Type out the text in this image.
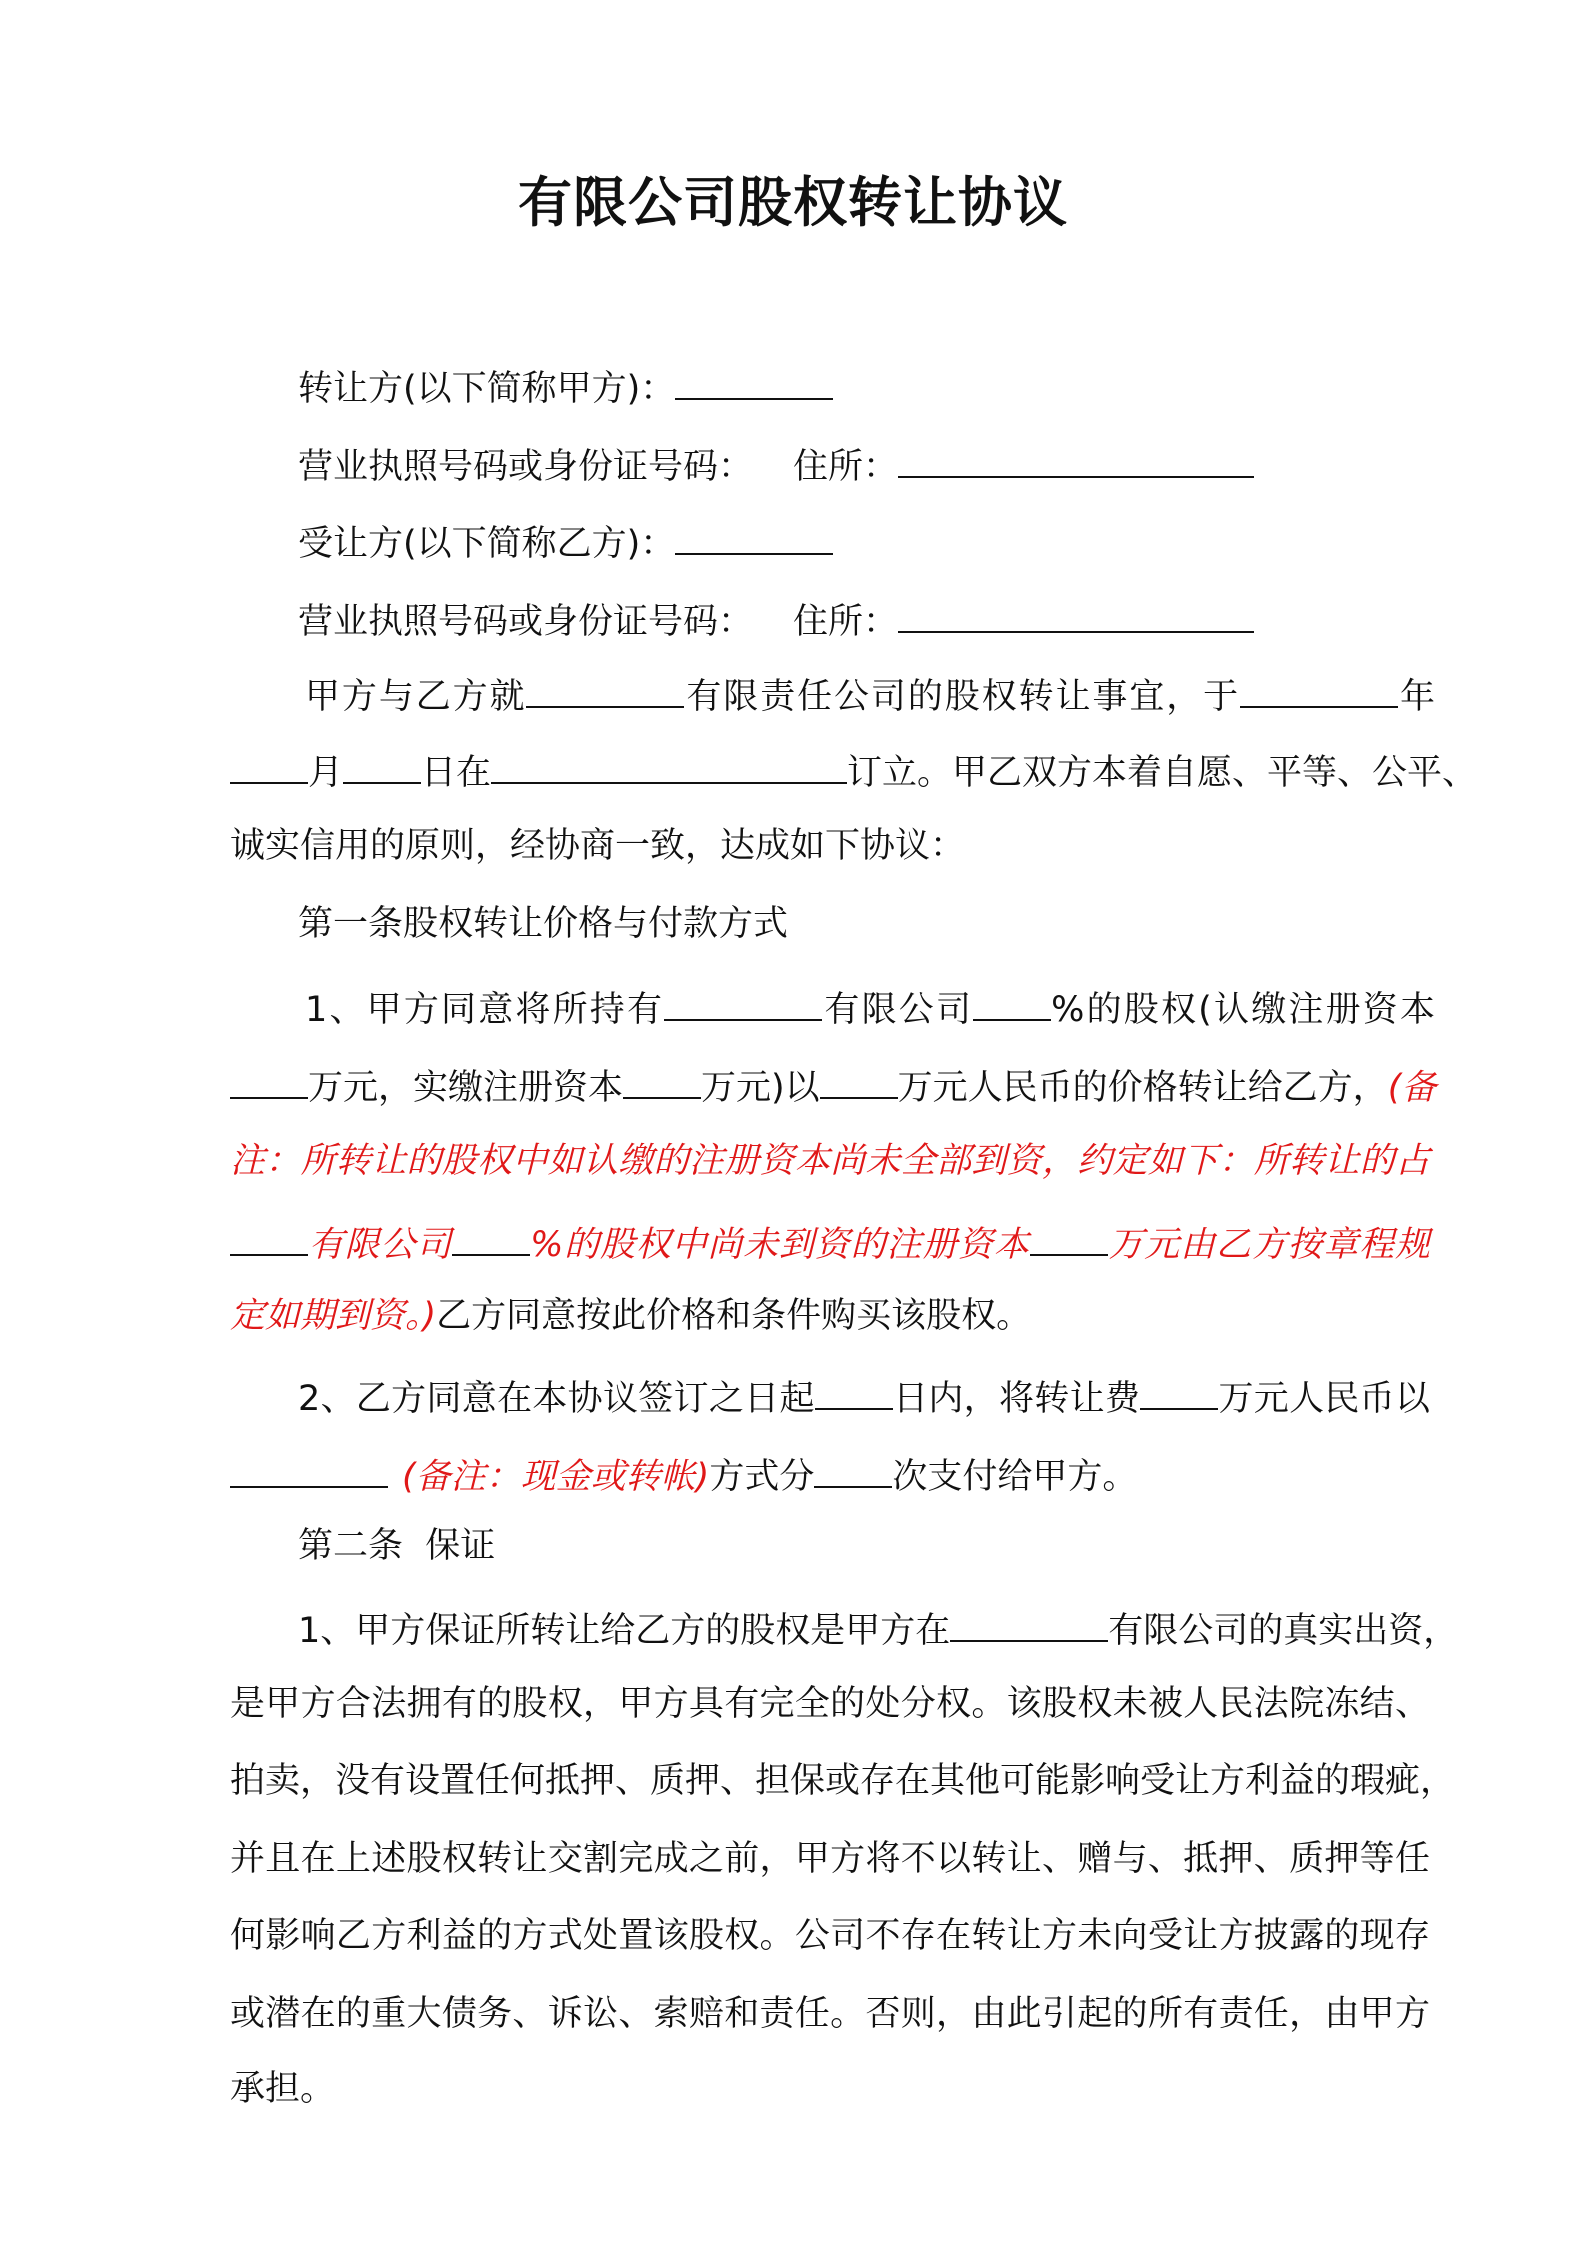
有限公司股权转让协议
转让方(以下简称甲方)：
营业执照号码或身份证号码： 住所：
受让方(以下简称乙方)：
营业执照号码或身份证号码： 住所：
甲方与乙方就	有限责任公司的股权转让事宜，于	年
月 日在	订立。甲乙双方本着自愿、平等、公平、
诚实信用的原则，经协商一致，达成如下协议：
第一条股权转让价格与付款方式
1、甲方同意将所持有	有限公司 %的股权(认缴注册资本
万元，实缴注册资本 万元)以 万元人民币的价格转让给乙方，(备
注：所转让的股权中如认缴的注册资本尚未全部到资，约定如下：所转让的占
有限公司 %的股权中尚未到资的注册资本 万元由乙方按章程规
定如期到资。)乙方同意按此价格和条件购买该股权。
2、乙方同意在本协议签订之日起 日内，将转让费 万元人民币以
(备注：现金或转帐)方式分 次支付给甲方。
第二条  保证
1、甲方保证所转让给乙方的股权是甲方在	有限公司的真实出资，
是甲方合法拥有的股权，甲方具有完全的处分权。该股权未被人民法院冻结、
拍卖，没有设置任何抵押、质押、担保或存在其他可能影响受让方利益的瑕疵，
并且在上述股权转让交割完成之前，甲方将不以转让、赠与、抵押、质押等任
何影响乙方利益的方式处置该股权。公司不存在转让方未向受让方披露的现存
或潜在的重大债务、诉讼、索赔和责任。否则，由此引起的所有责任，由甲方
承担。
